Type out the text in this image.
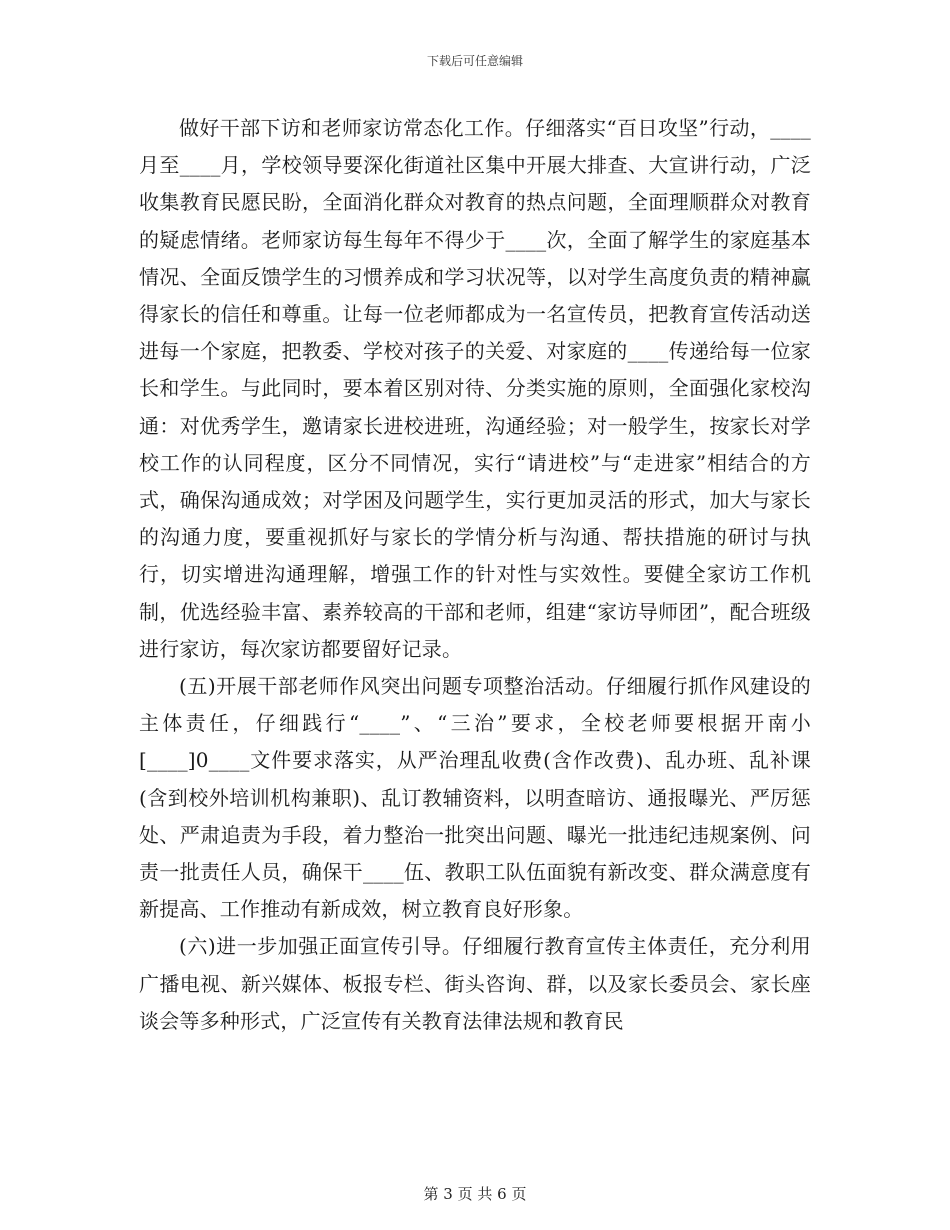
下载后可任意编辑

做好干部下访和老师家访常态化工作。仔细落实“百日攻坚”行动，____月至____月，学校领导要深化街道社区集中开展大排查、大宣讲行动，广泛收集教育民愿民盼，全面消化群众对教育的热点问题，全面理顺群众对教育的疑虑情绪。老师家访每生每年不得少于____次，全面了解学生的家庭基本情况、全面反馈学生的习惯养成和学习状况等，以对学生高度负责的精神赢得家长的信任和尊重。让每一位老师都成为一名宣传员，把教育宣传活动送进每一个家庭，把教委、学校对孩子的关爱、对家庭的____传递给每一位家长和学生。与此同时，要本着区别对待、分类实施的原则，全面强化家校沟通：对优秀学生，邀请家长进校进班，沟通经验；对一般学生，按家长对学校工作的认同程度，区分不同情况，实行“请进校”与“走进家”相结合的方式，确保沟通成效；对学困及问题学生，实行更加灵活的形式，加大与家长的沟通力度，要重视抓好与家长的学情分析与沟通、帮扶措施的研讨与执行，切实增进沟通理解，增强工作的针对性与实效性。要健全家访工作机制，优选经验丰富、素养较高的干部和老师，组建“家访导师团”，配合班级进行家访，每次家访都要留好记录。

(五)开展干部老师作风突出问题专项整治活动。仔细履行抓作风建设的主体责任，仔细践行“____”、“三治”要求，全校老师要根据开南小[____]0____文件要求落实，从严治理乱收费(含作改费)、乱办班、乱补课(含到校外培训机构兼职)、乱订教辅资料，以明查暗访、通报曝光、严厉惩处、严肃追责为手段，着力整治一批突出问题、曝光一批违纪违规案例、问责一批责任人员，确保干____伍、教职工队伍面貌有新改变、群众满意度有新提高、工作推动有新成效，树立教育良好形象。

(六)进一步加强正面宣传引导。仔细履行教育宣传主体责任，充分利用广播电视、新兴媒体、板报专栏、街头咨询、群，以及家长委员会、家长座谈会等多种形式，广泛宣传有关教育法律法规和教育民

第 3 页 共 6 页
